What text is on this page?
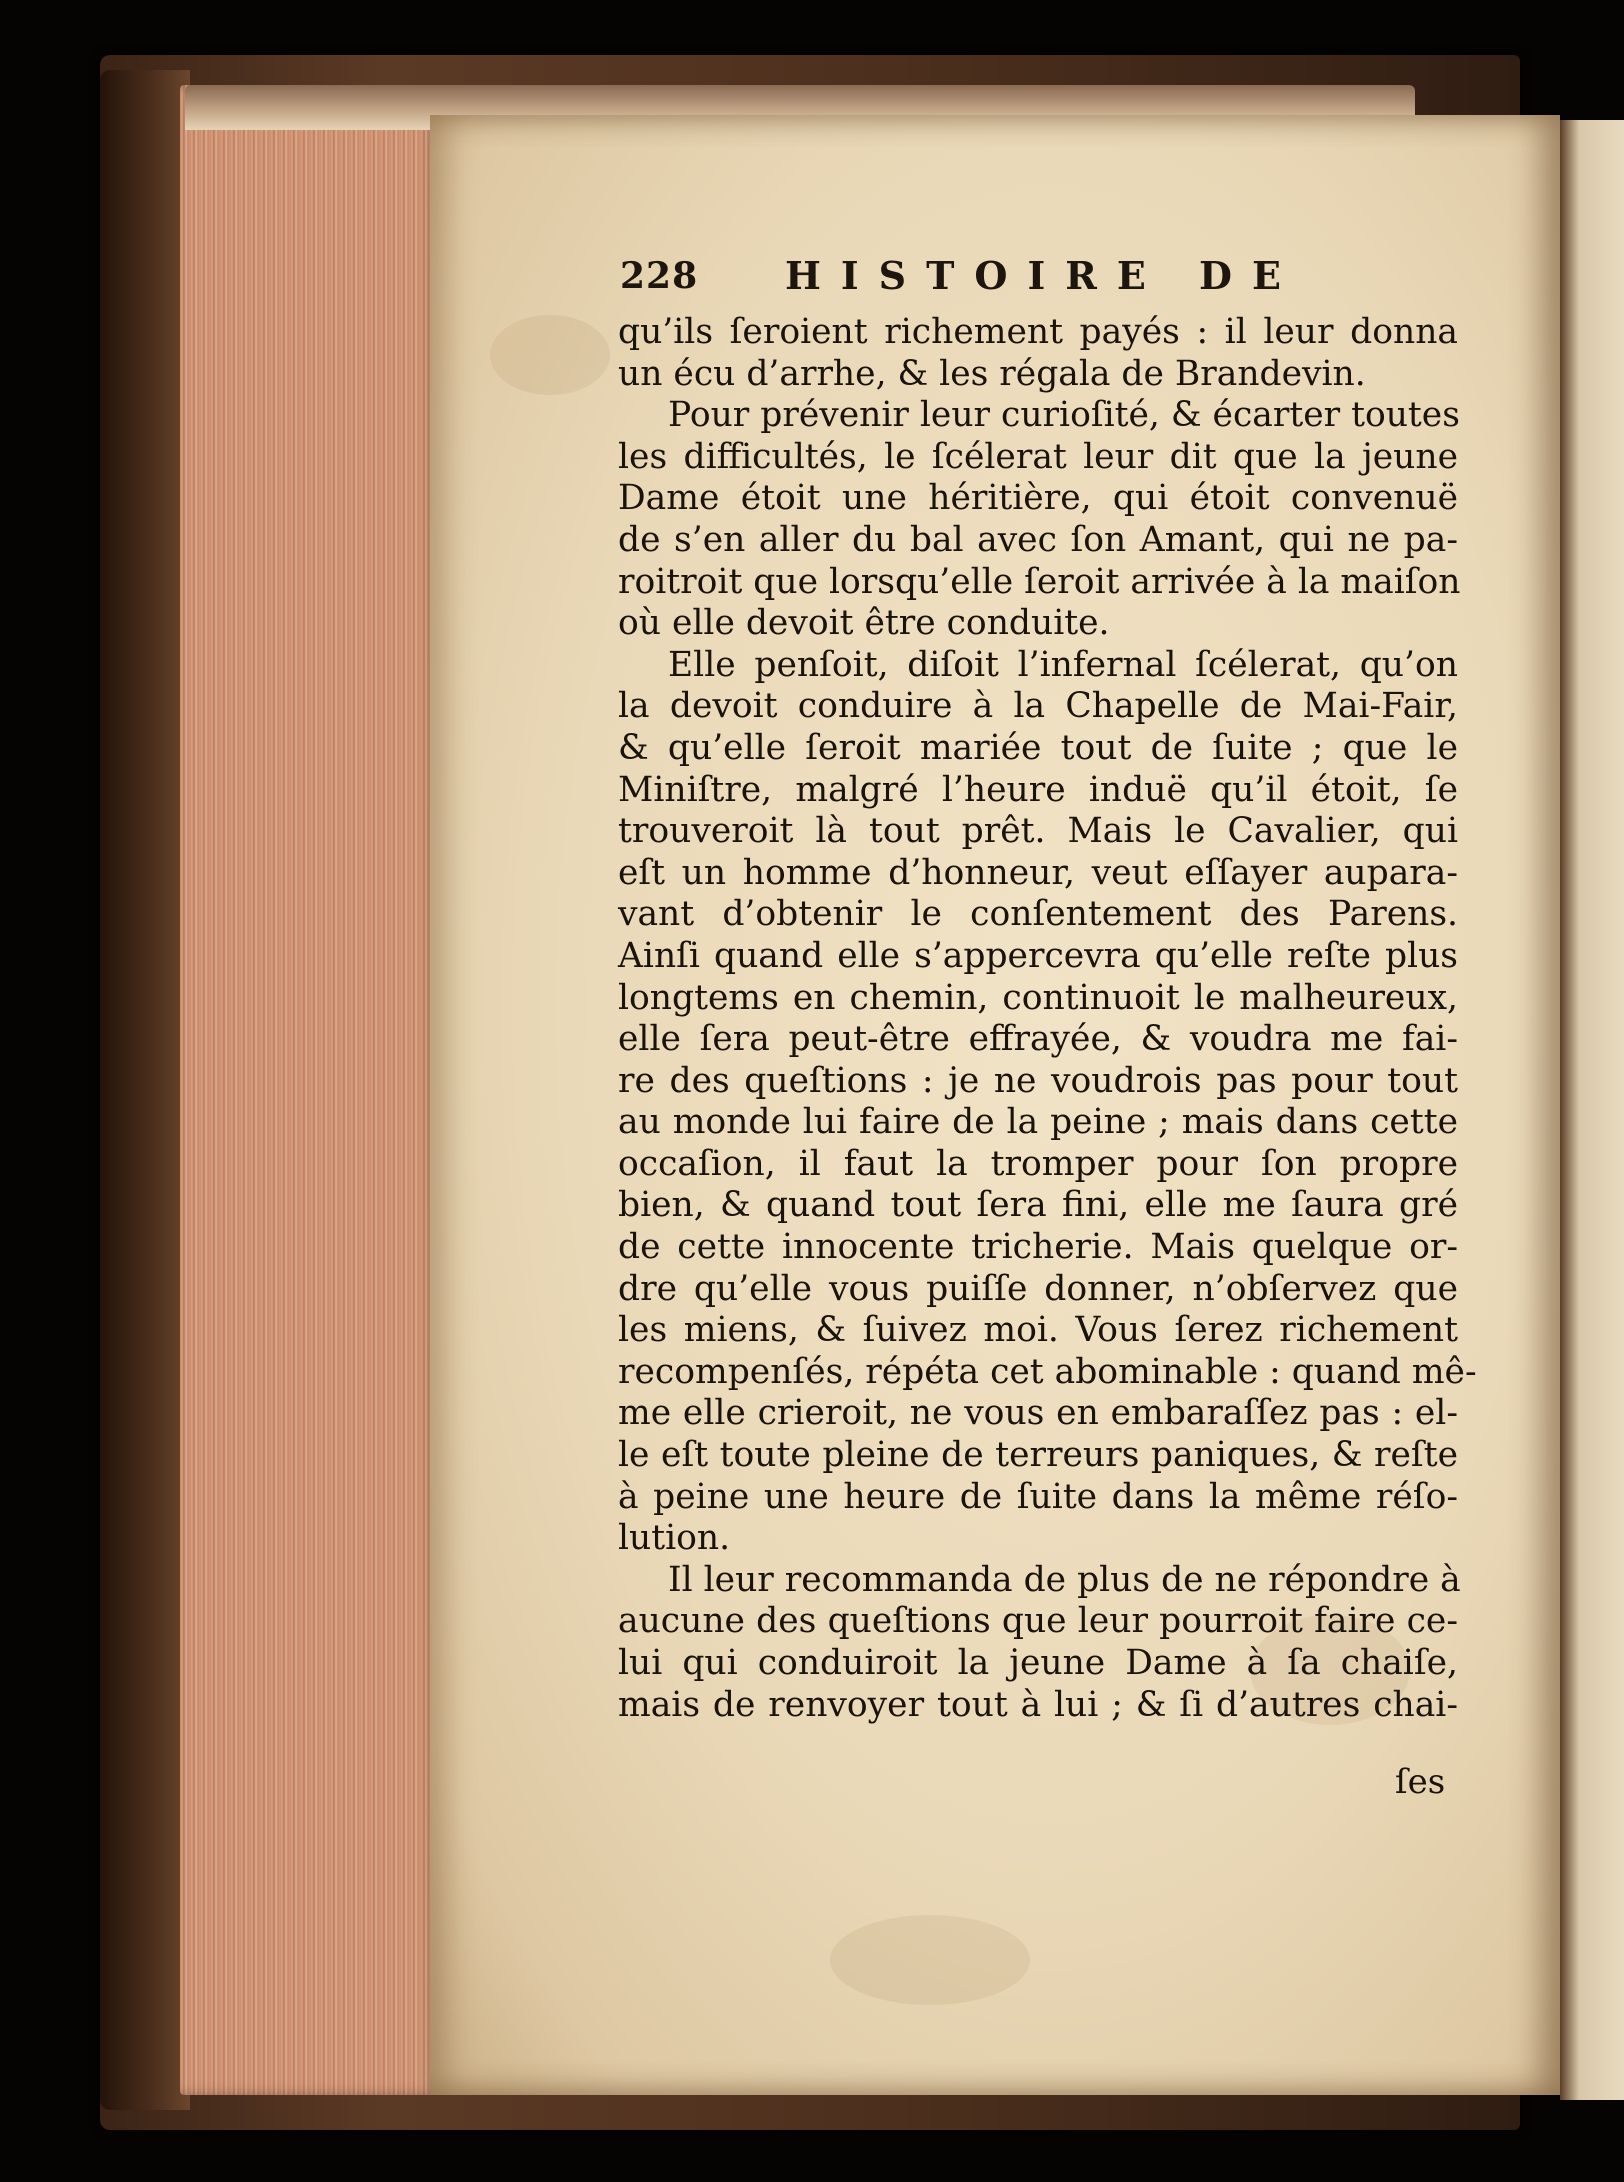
228 HISTOIRE DE
qu’ils ſeroient richement payés : il leur donna
un écu d’arrhe, & les régala de Brandevin.
Pour prévenir leur curioſité, & écarter toutes
les difficultés, le ſcélerat leur dit que la jeune
Dame étoit une héritière, qui étoit convenuë
de s’en aller du bal avec ſon Amant, qui ne pa-
roitroit que lorsqu’elle ſeroit arrivée à la maiſon
où elle devoit être conduite.
Elle penſoit, diſoit l’infernal ſcélerat, qu’on
la devoit conduire à la Chapelle de Mai-Fair,
& qu’elle ſeroit mariée tout de ſuite ; que le
Miniſtre, malgré l’heure induë qu’il étoit, ſe
trouveroit là tout prêt. Mais le Cavalier, qui
eſt un homme d’honneur, veut eſſayer aupara-
vant d’obtenir le conſentement des Parens.
Ainſi quand elle s’appercevra qu’elle reſte plus
longtems en chemin, continuoit le malheureux,
elle ſera peut-être effrayée, & voudra me fai-
re des queſtions : je ne voudrois pas pour tout
au monde lui faire de la peine ; mais dans cette
occaſion, il faut la tromper pour ſon propre
bien, & quand tout ſera fini, elle me ſaura gré
de cette innocente tricherie. Mais quelque or-
dre qu’elle vous puiſſe donner, n’obſervez que
les miens, & ſuivez moi. Vous ſerez richement
recompenſés, répéta cet abominable : quand mê-
me elle crieroit, ne vous en embaraſſez pas : el-
le eſt toute pleine de terreurs paniques, & reſte
à peine une heure de ſuite dans la même réſo-
lution.
Il leur recommanda de plus de ne répondre à
aucune des queſtions que leur pourroit faire ce-
lui qui conduiroit la jeune Dame à ſa chaiſe,
mais de renvoyer tout à lui ; & ſi d’autres chai-
ſes
